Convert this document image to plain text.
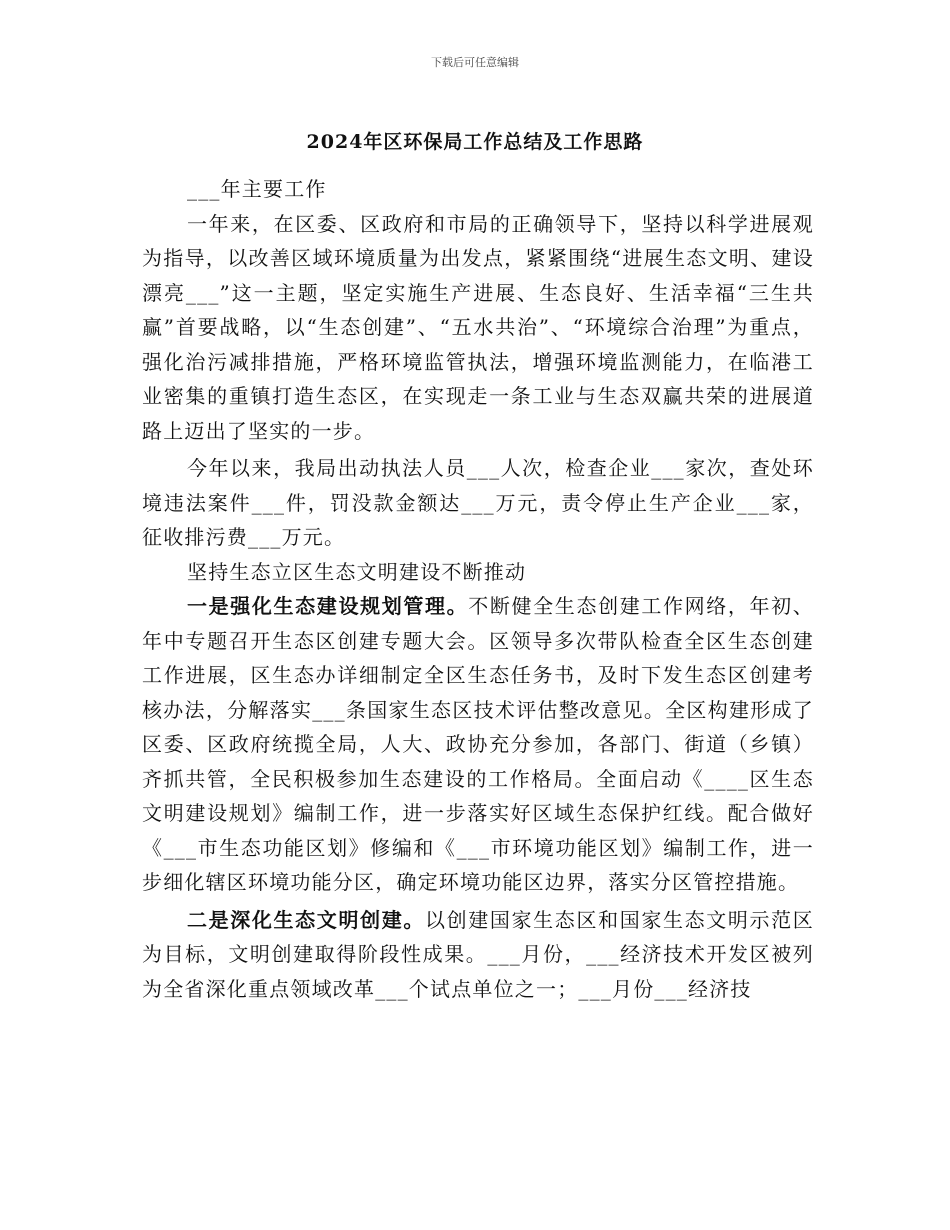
下载后可任意编辑
2024年区环保局工作总结及工作思路

___年主要工作

一年来，在区委、区政府和市局的正确领导下，坚持以科学进展观为指导，以改善区域环境质量为出发点，紧紧围绕“进展生态文明、建设漂亮___”这一主题，坚定实施生产进展、生态良好、生活幸福“三生共赢”首要战略，以“生态创建”、“五水共治”、“环境综合治理”为重点，强化治污减排措施，严格环境监管执法，增强环境监测能力，在临港工业密集的重镇打造生态区，在实现走一条工业与生态双赢共荣的进展道路上迈出了坚实的一步。

今年以来，我局出动执法人员___人次，检查企业___家次，查处环境违法案件___件，罚没款金额达___万元，责令停止生产企业___家，征收排污费___万元。

坚持生态立区生态文明建设不断推动

一是强化生态建设规划管理。不断健全生态创建工作网络，年初、年中专题召开生态区创建专题大会。区领导多次带队检查全区生态创建工作进展，区生态办详细制定全区生态任务书，及时下发生态区创建考核办法，分解落实___条国家生态区技术评估整改意见。全区构建形成了区委、区政府统揽全局，人大、政协充分参加，各部门、街道（乡镇）齐抓共管，全民积极参加生态建设的工作格局。全面启动《____区生态文明建设规划》编制工作，进一步落实好区域生态保护红线。配合做好《___市生态功能区划》修编和《___市环境功能区划》编制工作，进一步细化辖区环境功能分区，确定环境功能区边界，落实分区管控措施。

二是深化生态文明创建。以创建国家生态区和国家生态文明示范区为目标，文明创建取得阶段性成果。___月份，___经济技术开发区被列为全省深化重点领域改革___个试点单位之一；___月份___经济技
